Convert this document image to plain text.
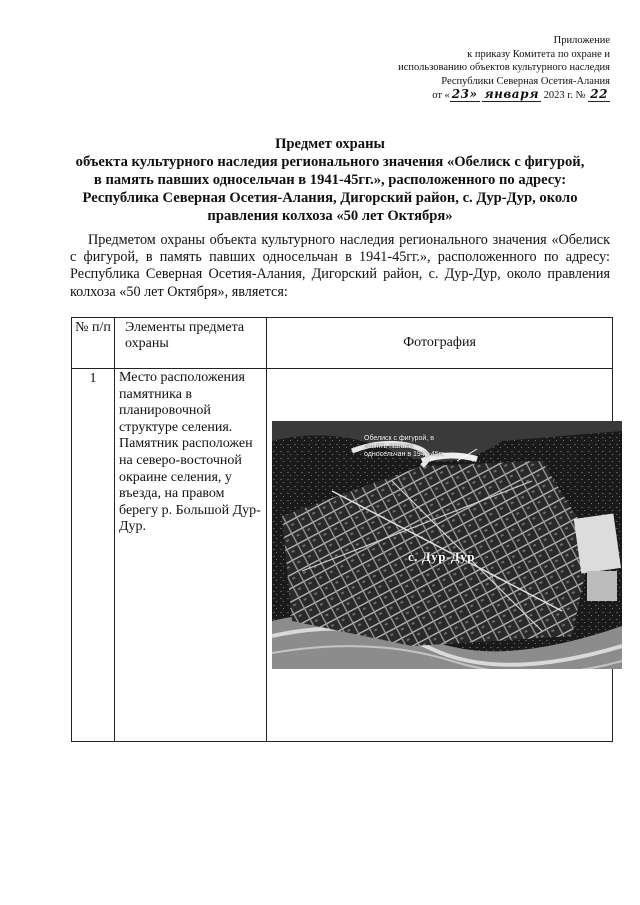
Приложение
к приказу Комитета по охране и
использованию объектов культурного наследия
Республики Северная Осетия-Алания
от « 23» января 2023 г. № 22
Предмет охраны
объекта культурного наследия регионального значения «Обелиск с фигурой,
в память павших односельчан в 1941-45гг.», расположенного по адресу:
Республика Северная Осетия-Алания, Дигорский район, с. Дур-Дур, около
правления колхоза «50 лет Октября»
Предметом охраны объекта культурного наследия регионального значения «Обелиск с фигурой, в память павших односельчан в 1941-45гг.», расположенного по адресу: Республика Северная Осетия-Алания, Дигорский район, с. Дур-Дур, около правления колхоза «50 лет Октября», является:
№ п/п	Элементы предмета охраны	Фотография
1	Место расположения памятника в планировочной структуре селения. Памятник расположен на северо-восточной окраине селения, у въезда, на правом берегу р. Большой Дур-Дур.	Обелиск с фигурой, в память павших односельчан в 1941-45гг.
с. Дур-Дур
